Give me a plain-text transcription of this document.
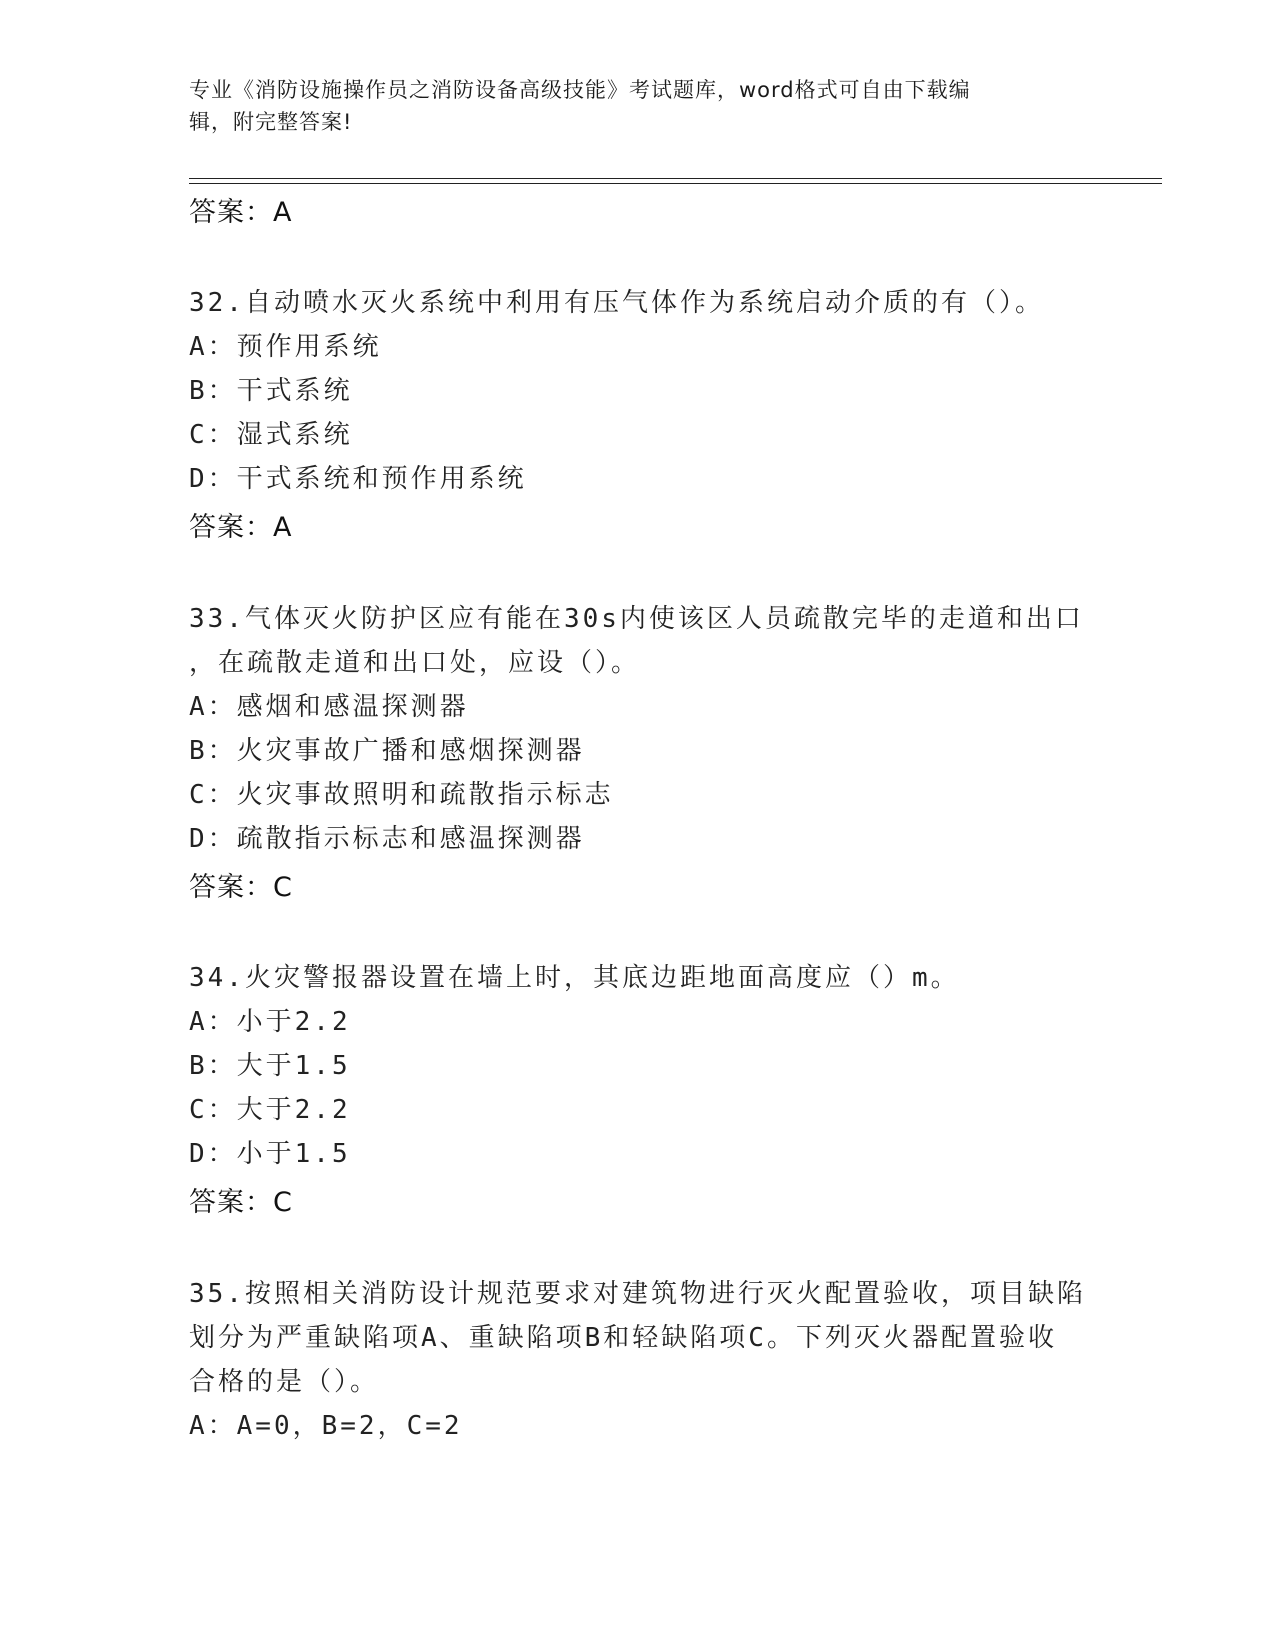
专业《消防设施操作员之消防设备高级技能》考试题库，word格式可自由下载编
辑，附完整答案!
答案：A
32.自动喷水灭火系统中利用有压气体作为系统启动介质的有（）。
A：预作用系统
B：干式系统
C：湿式系统
D：干式系统和预作用系统
答案：A
33.气体灭火防护区应有能在30s内使该区人员疏散完毕的走道和出口
，在疏散走道和出口处，应设（）。
A：感烟和感温探测器
B：火灾事故广播和感烟探测器
C：火灾事故照明和疏散指示标志
D：疏散指示标志和感温探测器
答案：C
34.火灾警报器设置在墙上时，其底边距地面高度应（）m。
A：小于2.2
B：大于1.5
C：大于2.2
D：小于1.5
答案：C
35.按照相关消防设计规范要求对建筑物进行灭火配置验收，项目缺陷
划分为严重缺陷项A、重缺陷项B和轻缺陷项C。下列灭火器配置验收
合格的是（）。
A：A=0，B=2，C=2
